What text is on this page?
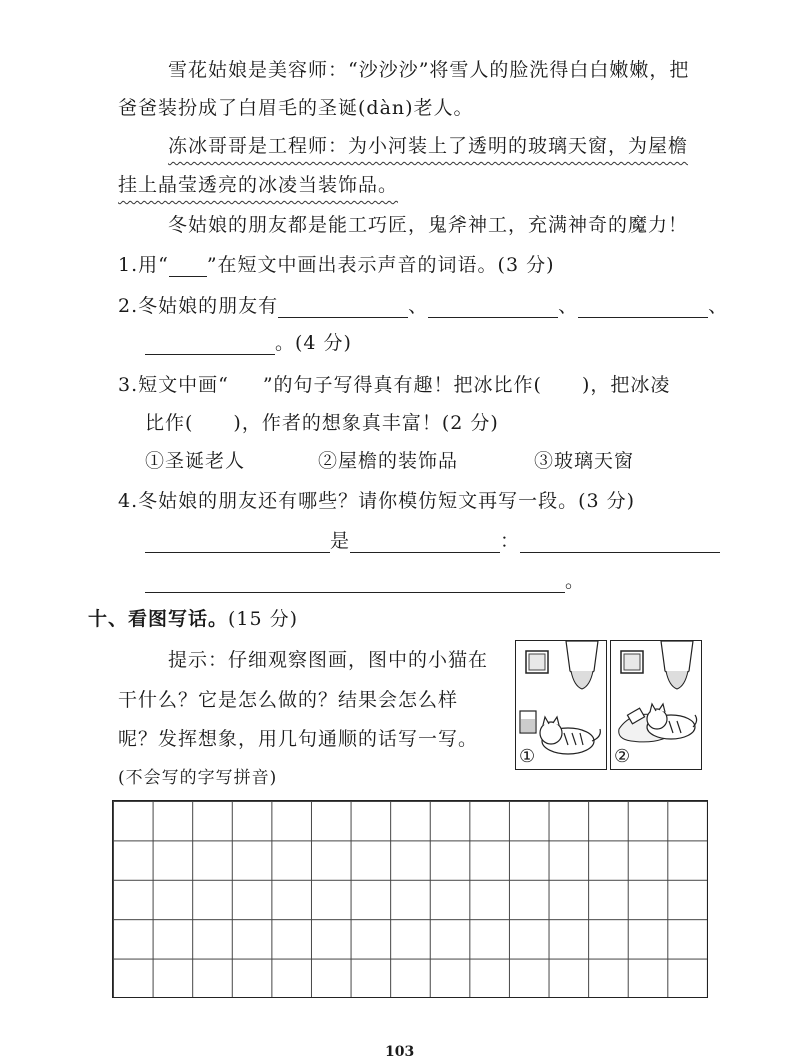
雪花姑娘是美容师：“沙沙沙”将雪人的脸洗得白白嫩嫩，把
爸爸装扮成了白眉毛的圣诞(dàn)老人。
冻冰哥哥是工程师：为小河装上了透明的玻璃天窗，为屋檐
挂上晶莹透亮的冰凌当装饰品。
冬姑娘的朋友都是能工巧匠，鬼斧神工，充满神奇的魔力！
1.用“ ”在短文中画出表示声音的词语。(3 分)
2.冬姑娘的朋友有	、	、	、
。(4 分)
3.短文中画“ ”的句子写得真有趣！把冰比作(　　)，把冰凌
比作(　　)，作者的想象真丰富！(2 分)
①圣诞老人	②屋檐的装饰品	③玻璃天窗
4.冬姑娘的朋友还有哪些？请你模仿短文再写一段。(3 分)
是	：
。
十、看图写话。(15 分)
提示：仔细观察图画，图中的小猫在
干什么？它是怎么做的？结果会怎么样
呢？发挥想象，用几句通顺的话写一写。
(不会写的字写拼音)
①	②
103
